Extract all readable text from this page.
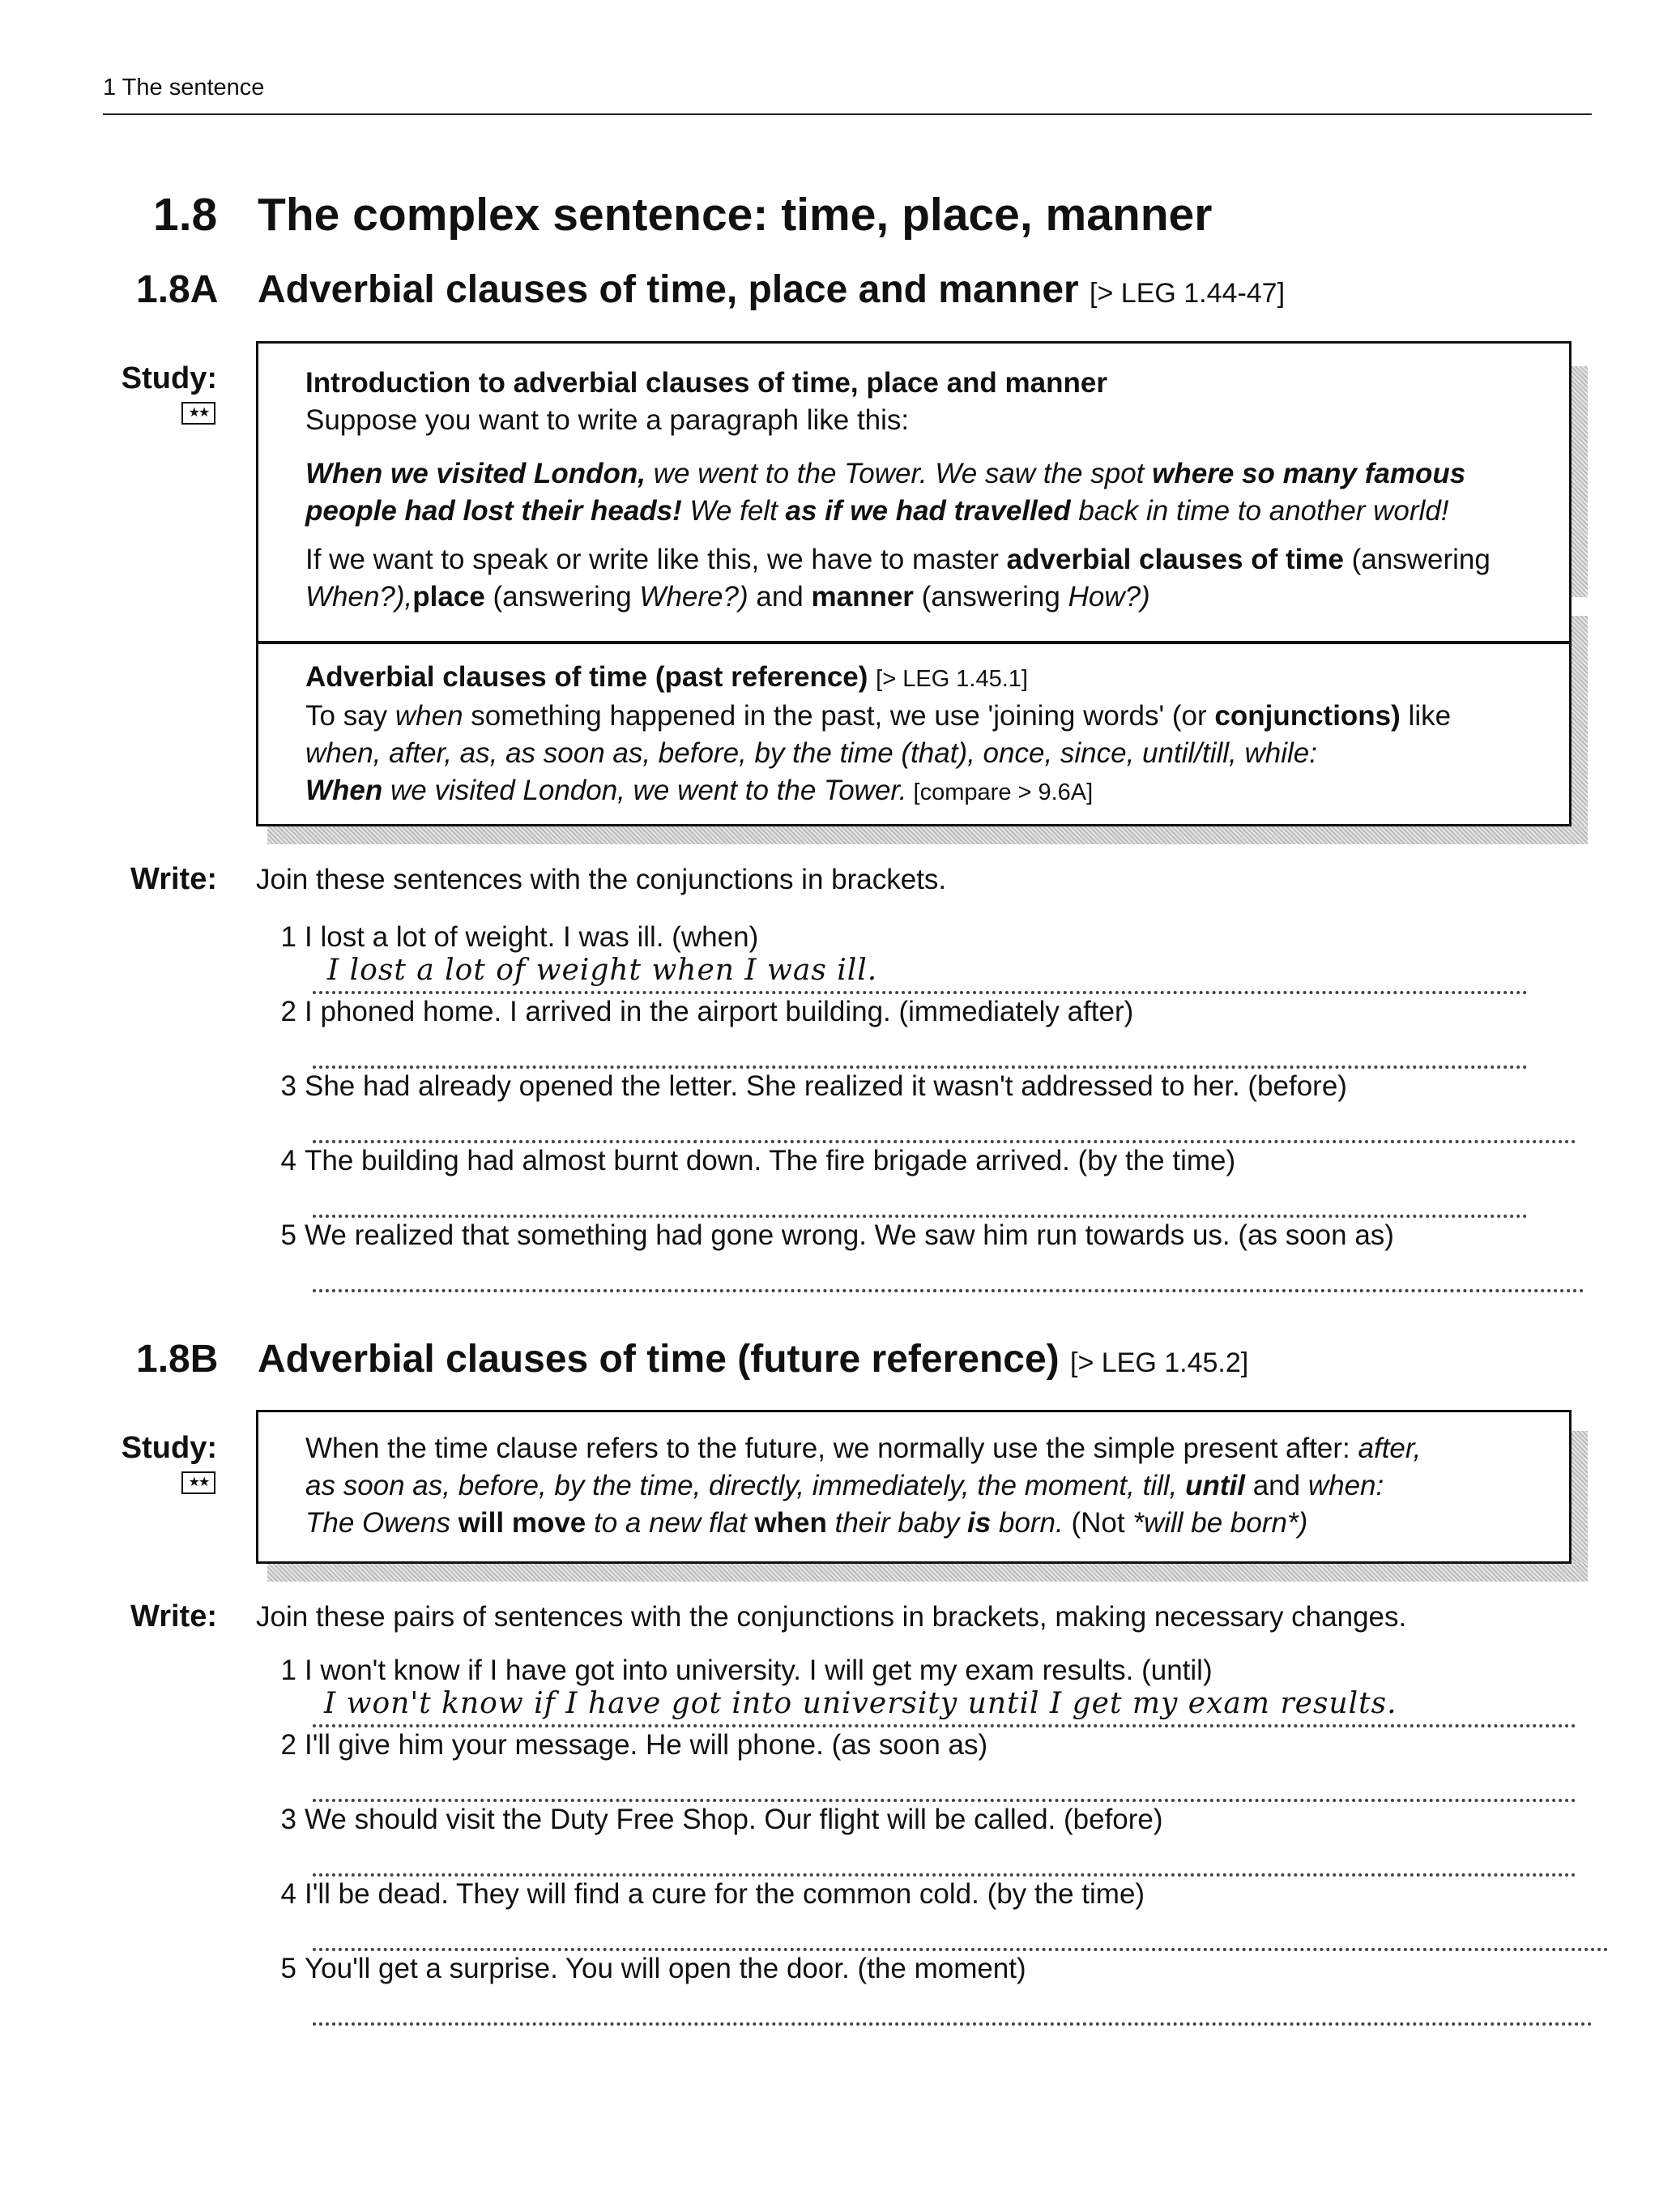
1 The sentence
1.8 The complex sentence: time, place, manner
1.8A Adverbial clauses of time, place and manner [> LEG 1.44-47]
Study:
★★
Introduction to adverbial clauses of time, place and manner
Suppose you want to write a paragraph like this:
When we visited London, we went to the Tower. We saw the spot where so many famous people had lost their heads! We felt as if we had travelled back in time to another world!
If we want to speak or write like this, we have to master adverbial clauses of time (answering When?),place (answering Where?) and manner (answering How?)
Adverbial clauses of time (past reference) [> LEG 1.45.1]
To say when something happened in the past, we use 'joining words' (or conjunctions) like
when, after, as, as soon as, before, by the time (that), once, since, until/till, while:
When we visited London, we went to the Tower. [compare > 9.6A]
Write: Join these sentences with the conjunctions in brackets.
1 I lost a lot of weight. I was ill. (when)
I lost a lot of weight when I was ill.
2 I phoned home. I arrived in the airport building. (immediately after)
3 She had already opened the letter. She realized it wasn't addressed to her. (before)
4 The building had almost burnt down. The fire brigade arrived. (by the time)
5 We realized that something had gone wrong. We saw him run towards us. (as soon as)
1.8B Adverbial clauses of time (future reference) [> LEG 1.45.2]
Study:
★★
When the time clause refers to the future, we normally use the simple present after: after,
as soon as, before, by the time, directly, immediately, the moment, till, until and when:
The Owens will move to a new flat when their baby is born. (Not *will be born*)
Write: Join these pairs of sentences with the conjunctions in brackets, making necessary changes.
1 I won't know if I have got into university. I will get my exam results. (until)
I won't know if I have got into university until I get my exam results.
2 I'll give him your message. He will phone. (as soon as)
3 We should visit the Duty Free Shop. Our flight will be called. (before)
4 I'll be dead. They will find a cure for the common cold. (by the time)
5 You'll get a surprise. You will open the door. (the moment)
